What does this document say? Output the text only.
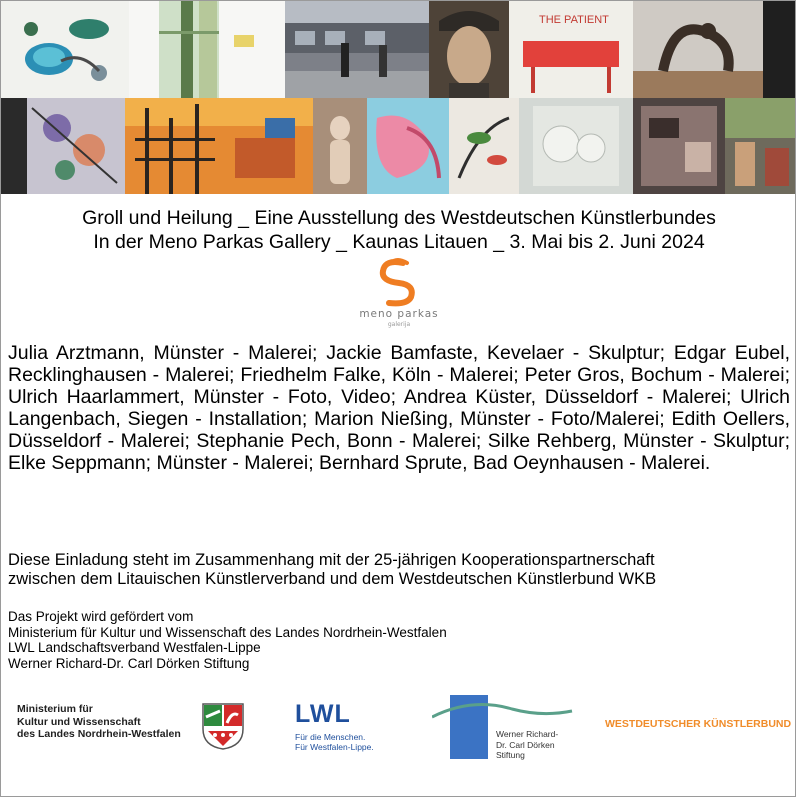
THE PATIENT
Groll und Heilung _ Eine Ausstellung des Westdeutschen Künstlerbundes
In der Meno Parkas Gallery _ Kaunas Litauen _ 3. Mai bis 2. Juni 2024
meno parkas
galerija
Julia Arztmann, Münster - Malerei; Jackie Bamfaste, Kevelaer - Skulptur; Edgar Eubel, Recklinghausen - Malerei; Friedhelm Falke, Köln - Malerei; Peter Gros, Bochum - Malerei; Ulrich Haarlammert, Münster - Foto, Video; Andrea Küster, Düsseldorf - Malerei; Ulrich Langenbach, Siegen - Installation; Marion Nießing, Münster - Foto/Malerei; Edith Oellers, Düsseldorf - Malerei; Stephanie Pech, Bonn - Malerei; Silke Rehberg, Münster - Skulptur; Elke Seppmann; Münster - Malerei; Bernhard Sprute, Bad Oeynhausen - Malerei.
Diese Einladung steht im Zusammenhang mit der 25-jährigen Kooperationspartnerschaft
zwischen dem Litauischen Künstlerverband und dem Westdeutschen Künstlerbund WKB
Das Projekt wird gefördert vom
Ministerium für Kultur und Wissenschaft des Landes Nordrhein-Westfalen
LWL Landschaftsverband Westfalen-Lippe
Werner Richard-Dr. Carl Dörken Stiftung
Ministerium für
Kultur und Wissenschaft
des Landes Nordrhein-Westfalen
LWL
Für die Menschen.
Für Westfalen-Lippe.
Werner Richard-
Dr. Carl Dörken
Stiftung
WESTDEUTSCHER KÜNSTLERBUND
